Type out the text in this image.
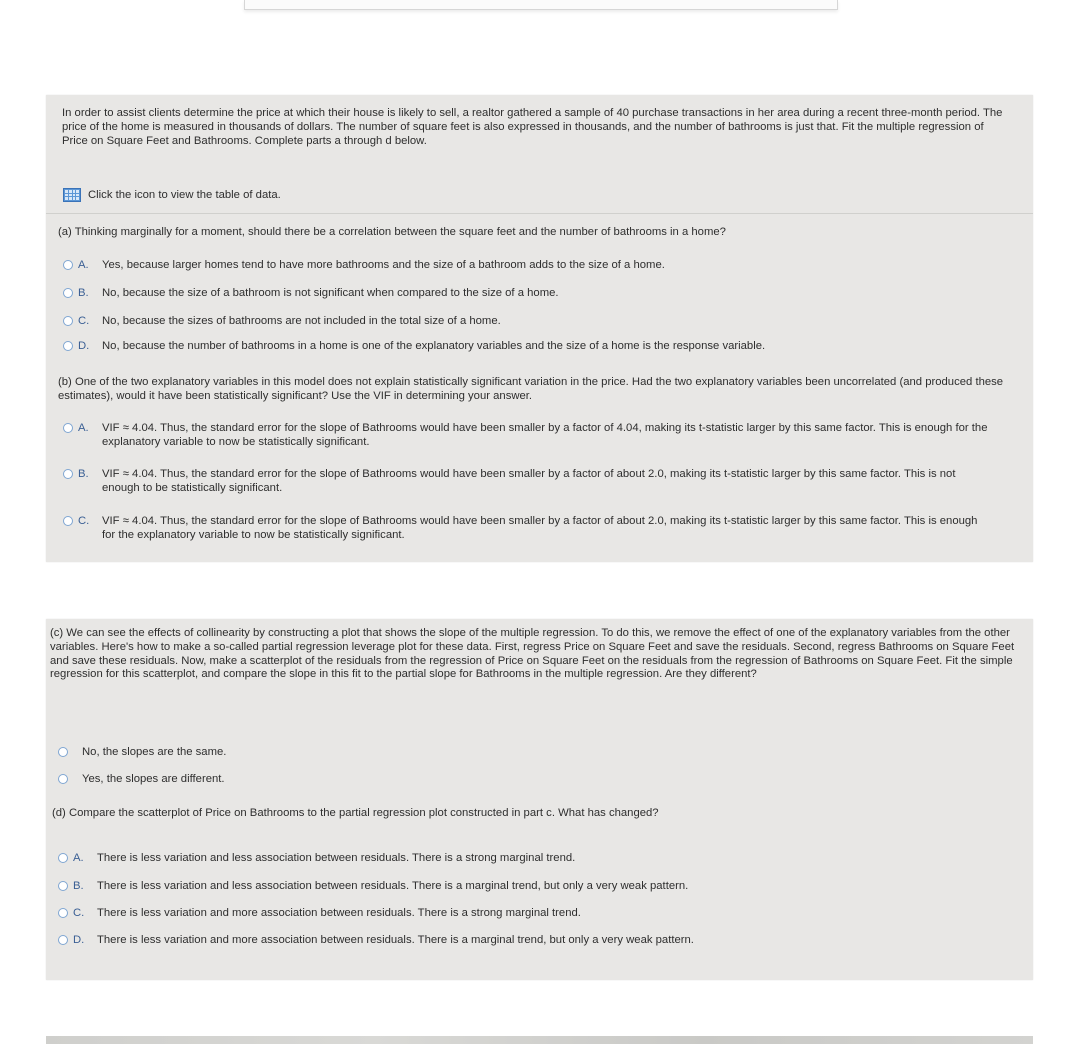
In order to assist clients determine the price at which their house is likely to sell, a realtor gathered a sample of 40 purchase transactions in her area during a recent three-month period. The price of the home is measured in thousands of dollars. The number of square feet is also expressed in thousands, and the number of bathrooms is just that. Fit the multiple regression of Price on Square Feet and Bathrooms. Complete parts a through d below.
Click the icon to view the table of data.
(a) Thinking marginally for a moment, should there be a correlation between the square feet and the number of bathrooms in a home?
A.	Yes, because larger homes tend to have more bathrooms and the size of a bathroom adds to the size of a home.
B.	No, because the size of a bathroom is not significant when compared to the size of a home.
C.	No, because the sizes of bathrooms are not included in the total size of a home.
D.	No, because the number of bathrooms in a home is one of the explanatory variables and the size of a home is the response variable.
(b) One of the two explanatory variables in this model does not explain statistically significant variation in the price. Had the two explanatory variables been uncorrelated (and produced these estimates), would it have been statistically significant? Use the VIF in determining your answer.
A.	VIF ≈ 4.04. Thus, the standard error for the slope of Bathrooms would have been smaller by a factor of 4.04, making its t-statistic larger by this same factor. This is enough for the explanatory variable to now be statistically significant.
B.	VIF ≈ 4.04. Thus, the standard error for the slope of Bathrooms would have been smaller by a factor of about 2.0, making its t-statistic larger by this same factor. This is not enough to be statistically significant.
C.	VIF ≈ 4.04. Thus, the standard error for the slope of Bathrooms would have been smaller by a factor of about 2.0, making its t-statistic larger by this same factor. This is enough for the explanatory variable to now be statistically significant.
(c) We can see the effects of collinearity by constructing a plot that shows the slope of the multiple regression. To do this, we remove the effect of one of the explanatory variables from the other variables. Here's how to make a so-called partial regression leverage plot for these data. First, regress Price on Square Feet and save the residuals. Second, regress Bathrooms on Square Feet and save these residuals. Now, make a scatterplot of the residuals from the regression of Price on Square Feet on the residuals from the regression of Bathrooms on Square Feet. Fit the simple regression for this scatterplot, and compare the slope in this fit to the partial slope for Bathrooms in the multiple regression. Are they different?
No, the slopes are the same.
Yes, the slopes are different.
(d) Compare the scatterplot of Price on Bathrooms to the partial regression plot constructed in part c. What has changed?
A.	There is less variation and less association between residuals. There is a strong marginal trend.
B.	There is less variation and less association between residuals. There is a marginal trend, but only a very weak pattern.
C.	There is less variation and more association between residuals. There is a strong marginal trend.
D.	There is less variation and more association between residuals. There is a marginal trend, but only a very weak pattern.
